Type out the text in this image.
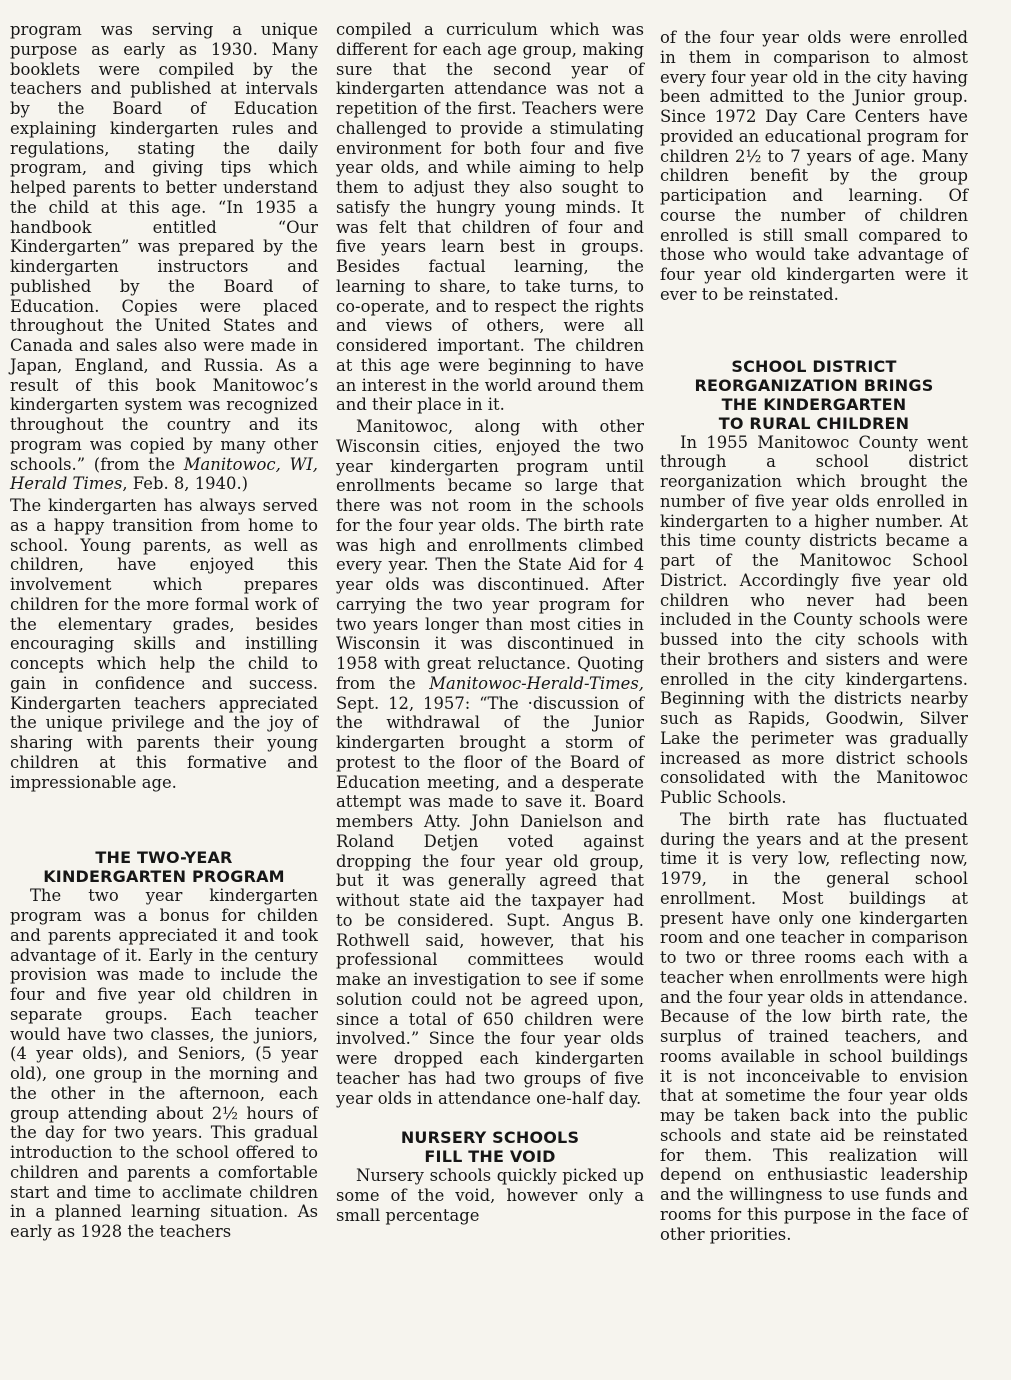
program was serving a unique purpose as early as 1930. Many booklets were compiled by the teachers and published at intervals by the Board of Education explaining kindergarten rules and regulations, stating the daily program, and giving tips which helped parents to better understand the child at this age. “In 1935 a handbook entitled “Our Kindergarten” was prepared by the kindergarten instructors and published by the Board of Education. Copies were placed throughout the United States and Canada and sales also were made in Japan, England, and Russia. As a result of this book Manitowoc’s kindergarten system was recognized throughout the country and its program was copied by many other schools.” (from the Manitowoc, WI, Herald Times, Feb. 8, 1940.)

The kindergarten has always served as a happy transition from home to school. Young parents, as well as children, have enjoyed this involvement which prepares children for the more formal work of the elementary grades, besides encouraging skills and instilling concepts which help the child to gain in confidence and success. Kindergarten teachers appreciated the unique privilege and the joy of sharing with parents their young children at this formative and impressionable age.

THE TWO-YEAR
KINDERGARTEN PROGRAM

The two year kindergarten program was a bonus for childen and parents appreciated it and took advantage of it. Early in the century provision was made to include the four and five year old children in separate groups. Each teacher would have two classes, the juniors, (4 year olds), and Seniors, (5 year old), one group in the morning and the other in the afternoon, each group attending about 2½ hours of the day for two years. This gradual introduction to the school offered to children and parents a comfortable start and time to acclimate children in a planned learning situation. As early as 1928 the teachers

compiled a curriculum which was different for each age group, making sure that the second year of kindergarten attendance was not a repetition of the first. Teachers were challenged to provide a stimulating environment for both four and five year olds, and while aiming to help them to adjust they also sought to satisfy the hungry young minds. It was felt that children of four and five years learn best in groups. Besides factual learning, the learning to share, to take turns, to co-operate, and to respect the rights and views of others, were all considered important. The children at this age were beginning to have an interest in the world around them and their place in it.

Manitowoc, along with other Wisconsin cities, enjoyed the two year kindergarten program until enrollments became so large that there was not room in the schools for the four year olds. The birth rate was high and enrollments climbed every year. Then the State Aid for 4 year olds was discontinued. After carrying the two year program for two years longer than most cities in Wisconsin it was discontinued in 1958 with great reluctance. Quoting from the Manitowoc-Herald-Times, Sept. 12, 1957: “The ·discussion of the withdrawal of the Junior kindergarten brought a storm of protest to the floor of the Board of Education meeting, and a desperate attempt was made to save it. Board members Atty. John Danielson and Roland Detjen voted against dropping the four year old group, but it was generally agreed that without state aid the taxpayer had to be considered. Supt. Angus B. Rothwell said, however, that his professional committees would make an investigation to see if some solution could not be agreed upon, since a total of 650 children were involved.” Since the four year olds were dropped each kindergarten teacher has had two groups of five year olds in attendance one-half day.

NURSERY SCHOOLS
FILL THE VOID

Nursery schools quickly picked up some of the void, however only a small percentage

of the four year olds were enrolled in them in comparison to almost every four year old in the city having been admitted to the Junior group. Since 1972 Day Care Centers have provided an educational program for children 2½ to 7 years of age. Many children benefit by the group participation and learning. Of course the number of children enrolled is still small compared to those who would take advantage of four year old kindergarten were it ever to be reinstated.

SCHOOL DISTRICT
REORGANIZATION BRINGS
THE KINDERGARTEN
TO RURAL CHILDREN

In 1955 Manitowoc County went through a school district reorganization which brought the number of five year olds enrolled in kindergarten to a higher number. At this time county districts became a part of the Manitowoc School District. Accordingly five year old children who never had been included in the County schools were bussed into the city schools with their brothers and sisters and were enrolled in the city kindergartens. Beginning with the districts nearby such as Rapids, Goodwin, Silver Lake the perimeter was gradually increased as more district schools consolidated with the Manitowoc Public Schools.

The birth rate has fluctuated during the years and at the present time it is very low, reflecting now, 1979, in the general school enrollment. Most buildings at present have only one kindergarten room and one teacher in comparison to two or three rooms each with a teacher when enrollments were high and the four year olds in attendance. Because of the low birth rate, the surplus of trained teachers, and rooms available in school buildings it is not inconceivable to envision that at sometime the four year olds may be taken back into the public schools and state aid be reinstated for them. This realization will depend on enthusiastic leadership and the willingness to use funds and rooms for this purpose in the face of other priorities.
